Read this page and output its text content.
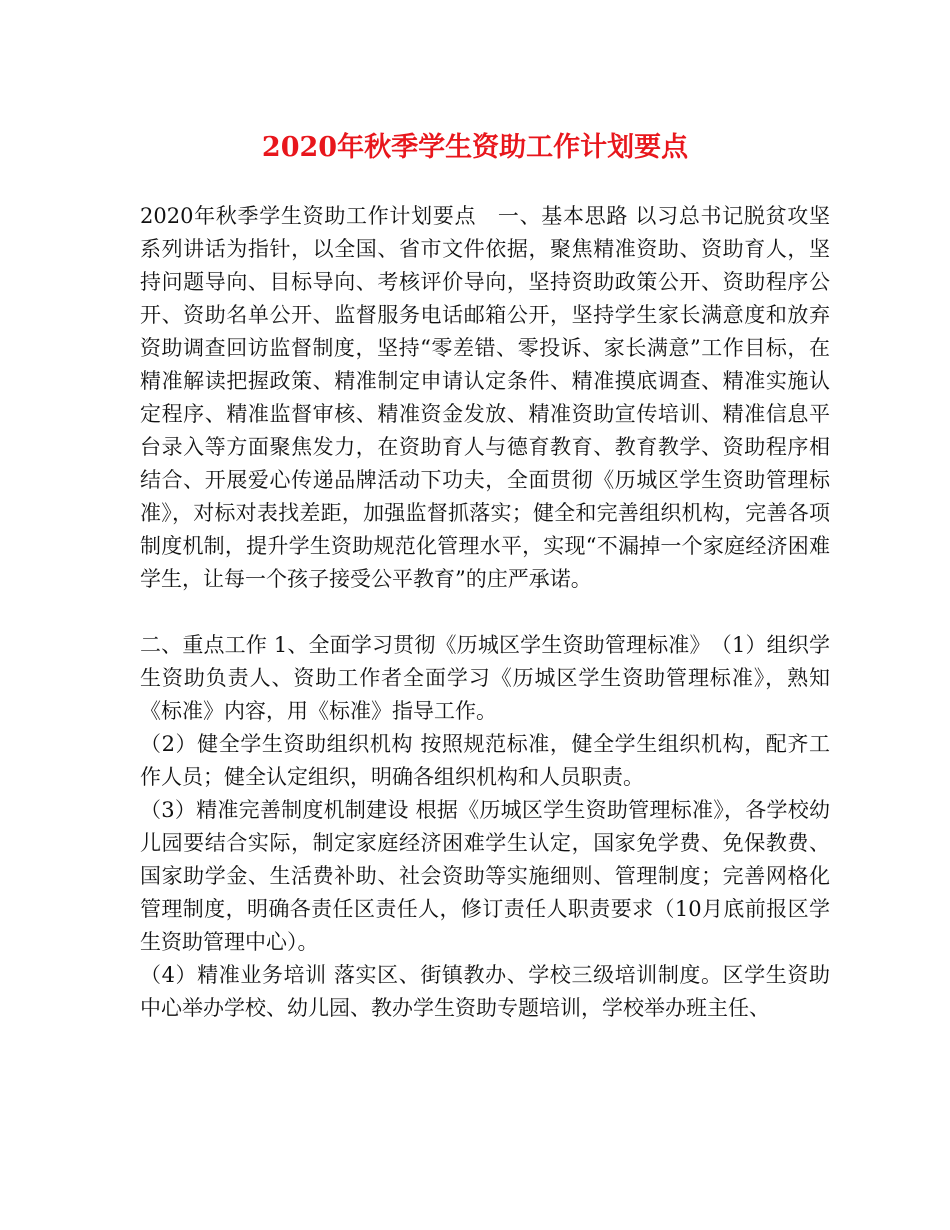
2020年秋季学生资助工作计划要点

2020年秋季学生资助工作计划要点　一、基本思路 以习总书记脱贫攻坚系列讲话为指针，以全国、省市文件依据，聚焦精准资助、资助育人，坚持问题导向、目标导向、考核评价导向，坚持资助政策公开、资助程序公开、资助名单公开、监督服务电话邮箱公开，坚持学生家长满意度和放弃资助调查回访监督制度，坚持“零差错、零投诉、家长满意”工作目标，在精准解读把握政策、精准制定申请认定条件、精准摸底调查、精准实施认定程序、精准监督审核、精准资金发放、精准资助宣传培训、精准信息平台录入等方面聚焦发力，在资助育人与德育教育、教育教学、资助程序相结合、开展爱心传递品牌活动下功夫，全面贯彻《历城区学生资助管理标准》，对标对表找差距，加强监督抓落实；健全和完善组织机构，完善各项制度机制，提升学生资助规范化管理水平，实现“不漏掉一个家庭经济困难学生，让每一个孩子接受公平教育”的庄严承诺。

二、重点工作 1、全面学习贯彻《历城区学生资助管理标准》　（1）组织学生资助负责人、资助工作者全面学习《历城区学生资助管理标准》，熟知《标准》内容，用《标准》指导工作。

（2）健全学生资助组织机构 按照规范标准，健全学生组织机构，配齐工作人员；健全认定组织，明确各组织机构和人员职责。

（3）精准完善制度机制建设 根据《历城区学生资助管理标准》，各学校幼儿园要结合实际，制定家庭经济困难学生认定，国家免学费、免保教费、国家助学金、生活费补助、社会资助等实施细则、管理制度；完善网格化管理制度，明确各责任区责任人，修订责任人职责要求（10月底前报区学生资助管理中心）。

（4）精准业务培训 落实区、街镇教办、学校三级培训制度。区学生资助中心举办学校、幼儿园、教办学生资助专题培训，学校举办班主任、
